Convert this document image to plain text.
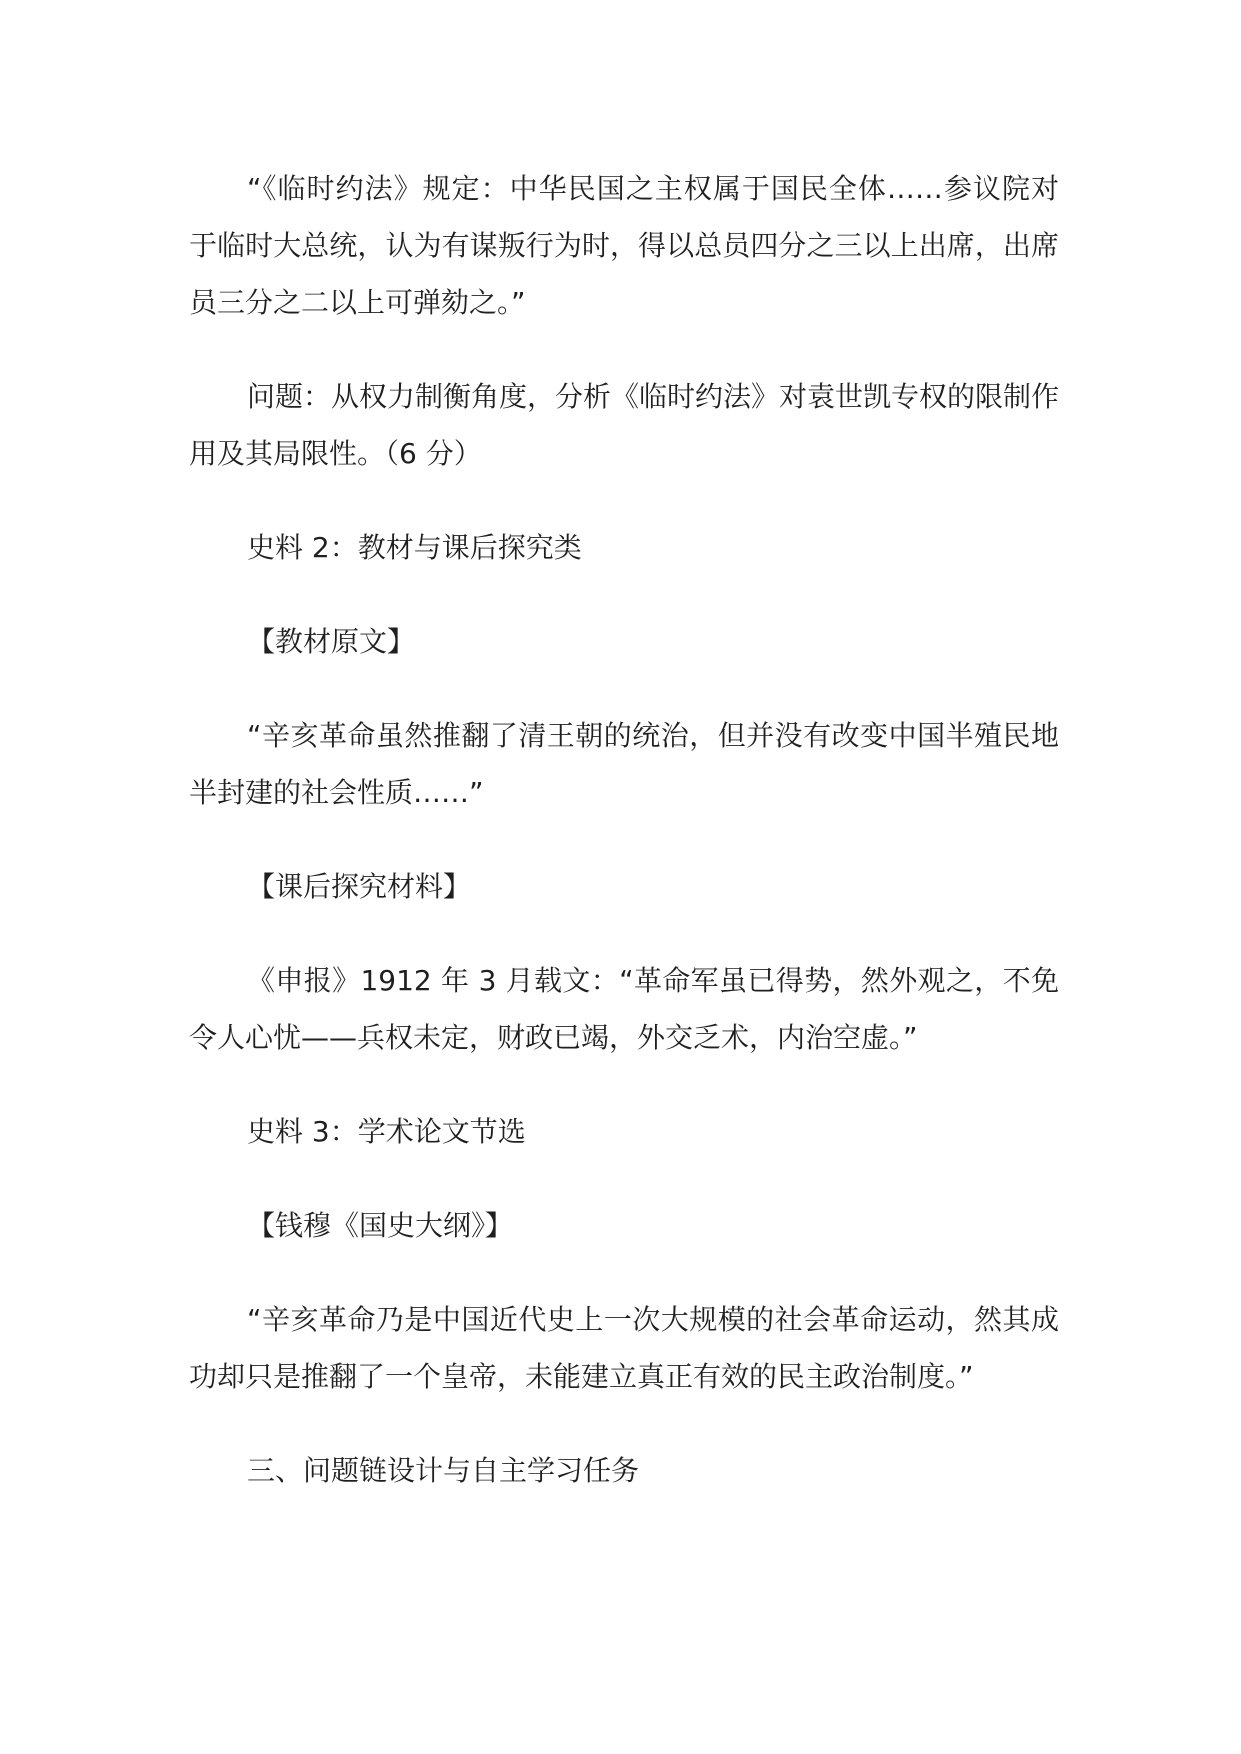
“《临时约法》规定：中华民国之主权属于国民全体……参议院对于临时大总统，认为有谋叛行为时，得以总员四分之三以上出席，出席员三分之二以上可弹劾之。”

问题：从权力制衡角度，分析《临时约法》对袁世凯专权的限制作用及其局限性。（6 分）

史料 2：教材与课后探究类

【教材原文】

“辛亥革命虽然推翻了清王朝的统治，但并没有改变中国半殖民地半封建的社会性质……”

【课后探究材料】

《申报》1912 年 3 月载文：“革命军虽已得势，然外观之，不免令人心忧——兵权未定，财政已竭，外交乏术，内治空虚。”

史料 3：学术论文节选

【钱穆《国史大纲》】

“辛亥革命乃是中国近代史上一次大规模的社会革命运动，然其成功却只是推翻了一个皇帝，未能建立真正有效的民主政治制度。”

三、问题链设计与自主学习任务
